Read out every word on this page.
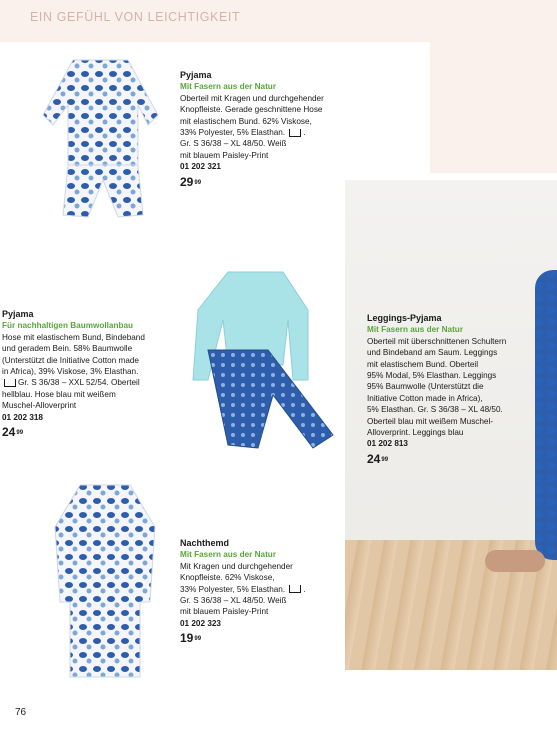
EIN GEFÜHL VON LEICHTIGKEIT
Pyjama
Mit Fasern aus der Natur
Oberteil mit Kragen und durchgehender
Knopfleiste. Gerade geschnittene Hose
mit elastischem Bund. 62% Viskose,
33% Polyester, 5% Elasthan. .
Gr. S 36/38 – XL 48/50. Weiß
mit blauem Paisley-Print
01 202 321
$29^{99}$
Pyjama
Für nachhaltigen Baumwollanbau
Hose mit elastischem Bund, Bindeband
und geradem Bein. 58% Baumwolle
(Unterstützt die Initiative Cotton made
in Africa), 39% Viskose, 3% Elasthan.
Gr. S 36/38 – XXL 52/54. Oberteil
hellblau. Hose blau mit weißem
Muschel-Alloverprint
01 202 318
$24^{99}$
Leggings-Pyjama
Mit Fasern aus der Natur
Oberteil mit überschnittenen Schultern
und Bindeband am Saum. Leggings
mit elastischem Bund. Oberteil
95% Modal, 5% Elasthan. Leggings
95% Baumwolle (Unterstützt die
Initiative Cotton made in Africa),
5% Elasthan. Gr. S 36/38 – XL 48/50.
Oberteil blau mit weißem Muschel-
Alloverprint. Leggings blau
01 202 813
$24^{99}$
Nachthemd
Mit Fasern aus der Natur
Mit Kragen und durchgehender
Knopfleiste. 62% Viskose,
33% Polyester, 5% Elasthan. .
Gr. S 36/38 – XL 48/50. Weiß
mit blauem Paisley-Print
01 202 323
$19^{99}$
76
